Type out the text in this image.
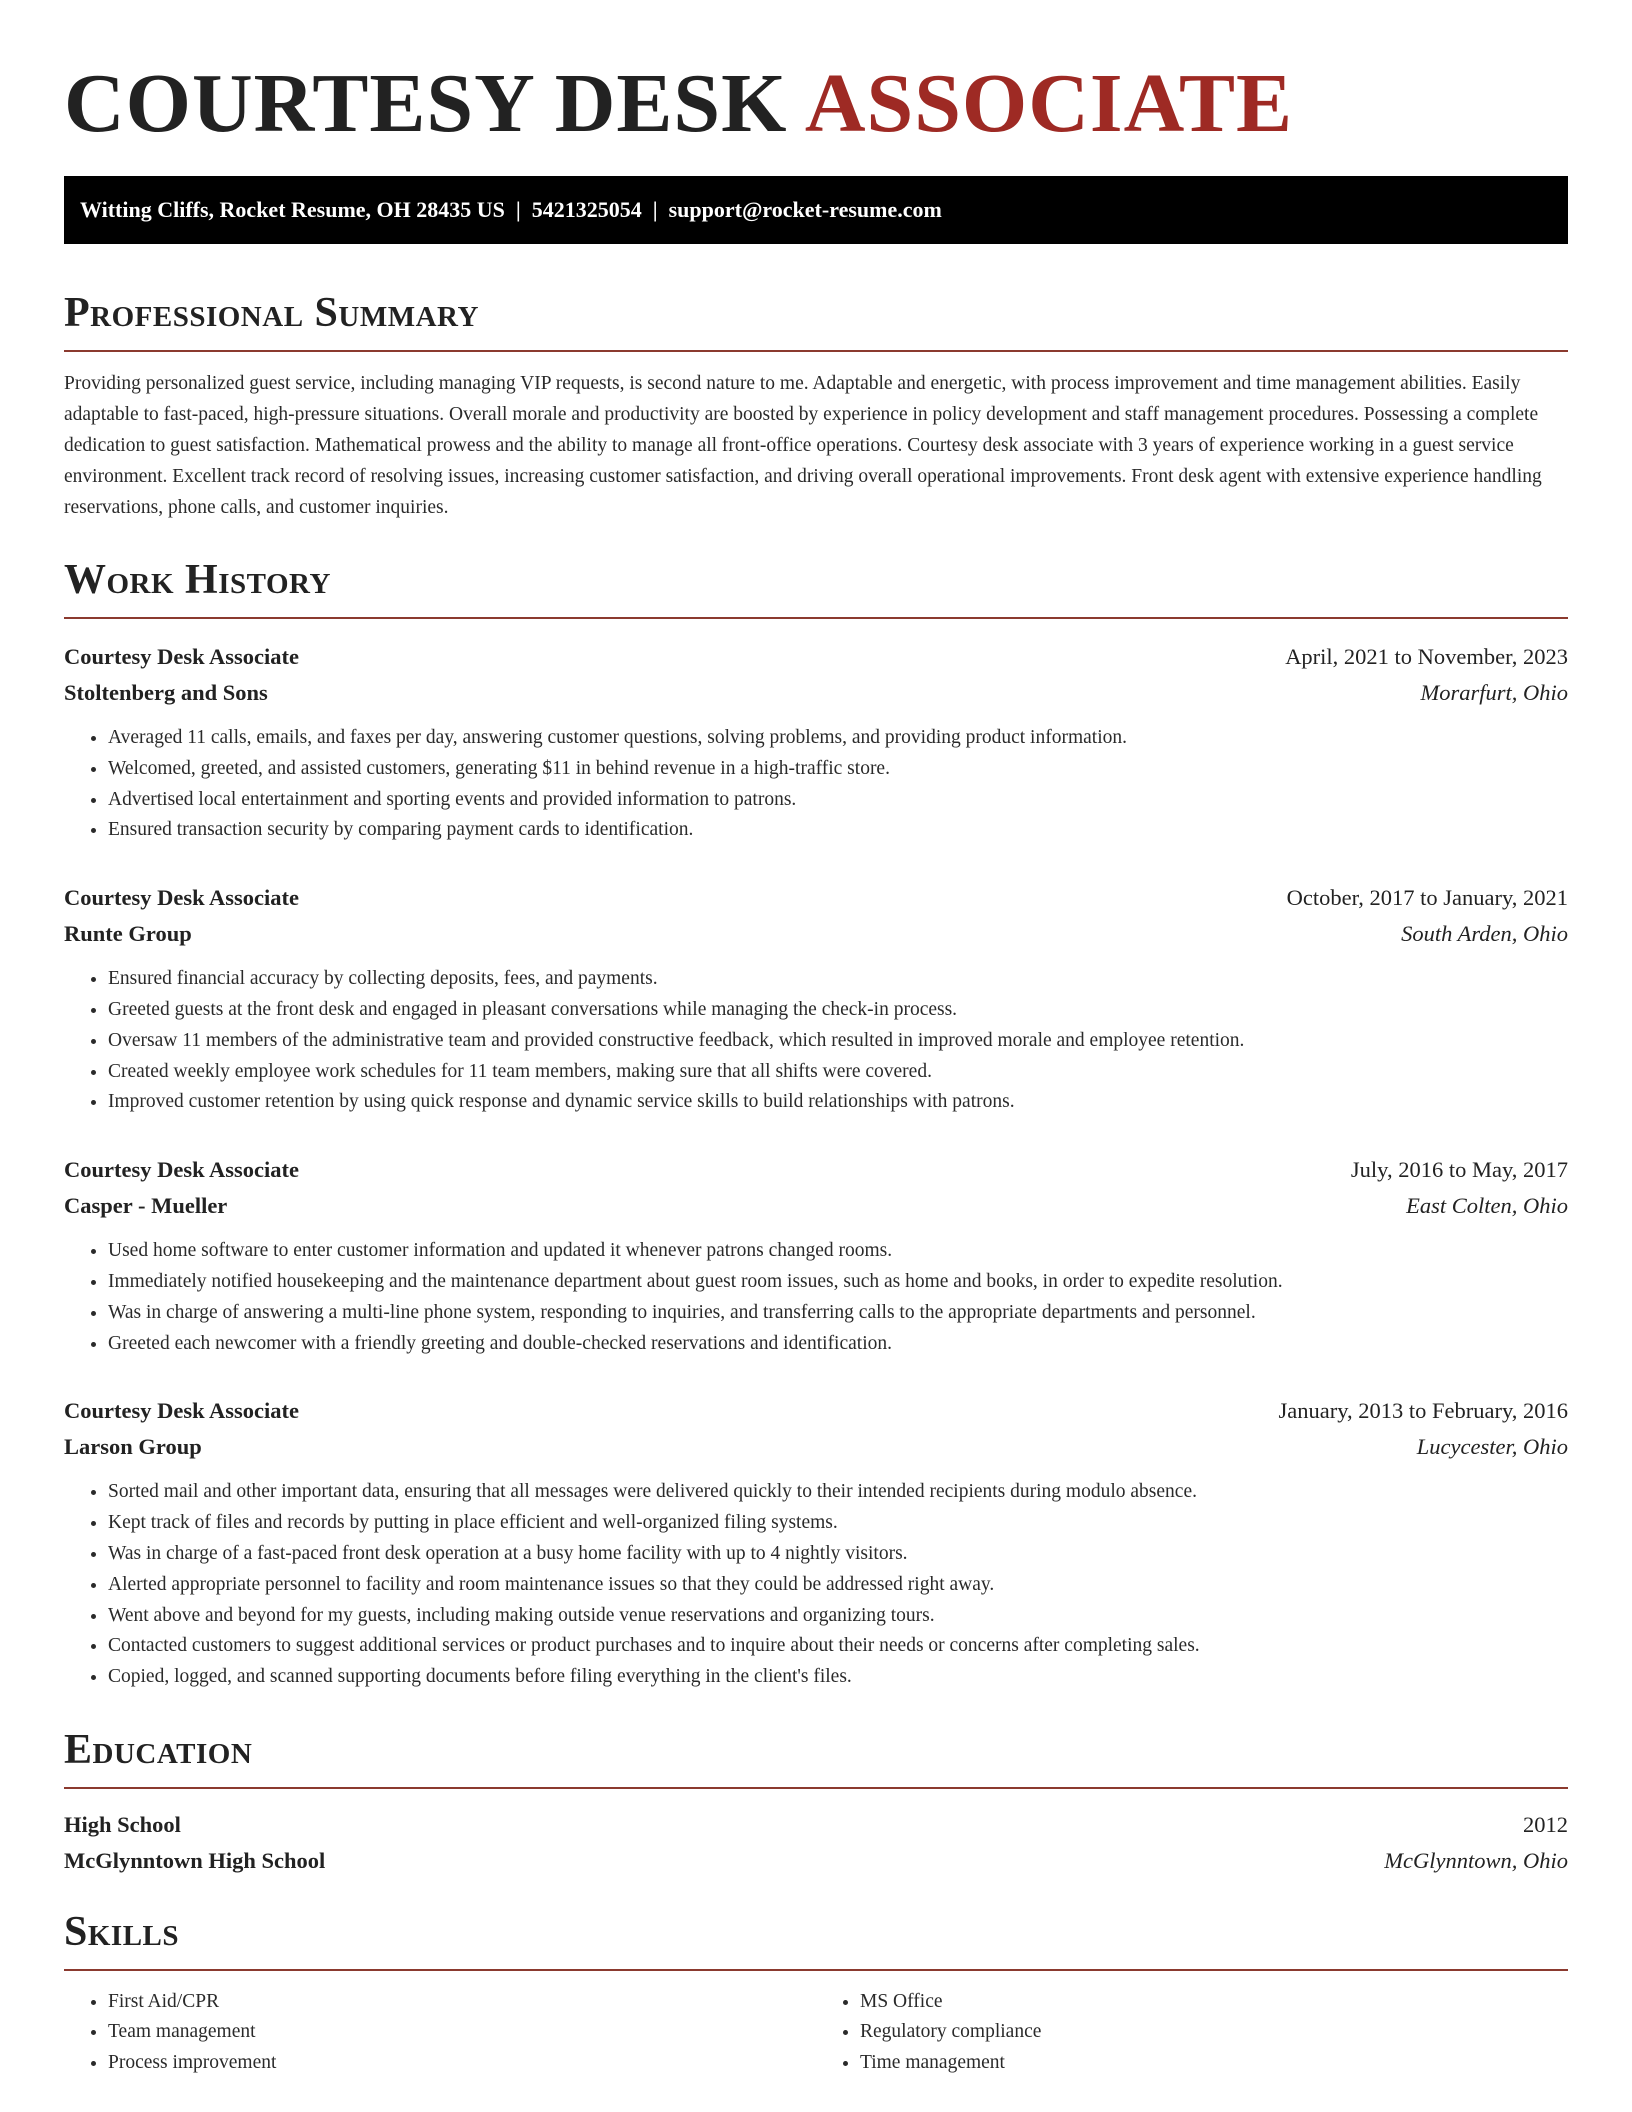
COURTESY DESK ASSOCIATE
Witting Cliffs, Rocket Resume, OH 28435 US  |  5421325054  |  support@rocket-resume.com
Professional Summary

Providing personalized guest service, including managing VIP requests, is second nature to me. Adaptable and energetic, with process improvement and time management abilities. Easily adaptable to fast-paced, high-pressure situations. Overall morale and productivity are boosted by experience in policy development and staff management procedures. Possessing a complete dedication to guest satisfaction. Mathematical prowess and the ability to manage all front-office operations. Courtesy desk associate with 3 years of experience working in a guest service environment. Excellent track record of resolving issues, increasing customer satisfaction, and driving overall operational improvements. Front desk agent with extensive experience handling reservations, phone calls, and customer inquiries.

Work History
Courtesy Desk Associate	April, 2021 to November, 2023
Stoltenberg and Sons	Morarfurt, Ohio
• Averaged 11 calls, emails, and faxes per day, answering customer questions, solving problems, and providing product information.
• Welcomed, greeted, and assisted customers, generating $11 in behind revenue in a high-traffic store.
• Advertised local entertainment and sporting events and provided information to patrons.
• Ensured transaction security by comparing payment cards to identification.
Courtesy Desk Associate	October, 2017 to January, 2021
Runte Group	South Arden, Ohio
• Ensured financial accuracy by collecting deposits, fees, and payments.
• Greeted guests at the front desk and engaged in pleasant conversations while managing the check-in process.
• Oversaw 11 members of the administrative team and provided constructive feedback, which resulted in improved morale and employee retention.
• Created weekly employee work schedules for 11 team members, making sure that all shifts were covered.
• Improved customer retention by using quick response and dynamic service skills to build relationships with patrons.
Courtesy Desk Associate	July, 2016 to May, 2017
Casper - Mueller	East Colten, Ohio
• Used home software to enter customer information and updated it whenever patrons changed rooms.
• Immediately notified housekeeping and the maintenance department about guest room issues, such as home and books, in order to expedite resolution.
• Was in charge of answering a multi-line phone system, responding to inquiries, and transferring calls to the appropriate departments and personnel.
• Greeted each newcomer with a friendly greeting and double-checked reservations and identification.
Courtesy Desk Associate	January, 2013 to February, 2016
Larson Group	Lucycester, Ohio
• Sorted mail and other important data, ensuring that all messages were delivered quickly to their intended recipients during modulo absence.
• Kept track of files and records by putting in place efficient and well-organized filing systems.
• Was in charge of a fast-paced front desk operation at a busy home facility with up to 4 nightly visitors.
• Alerted appropriate personnel to facility and room maintenance issues so that they could be addressed right away.
• Went above and beyond for my guests, including making outside venue reservations and organizing tours.
• Contacted customers to suggest additional services or product purchases and to inquire about their needs or concerns after completing sales.
• Copied, logged, and scanned supporting documents before filing everything in the client's files.
Education
High School	2012
McGlynntown High School	McGlynntown, Ohio
Skills
• First Aid/CPR
• Team management
• Process improvement
• MS Office
• Regulatory compliance
• Time management
